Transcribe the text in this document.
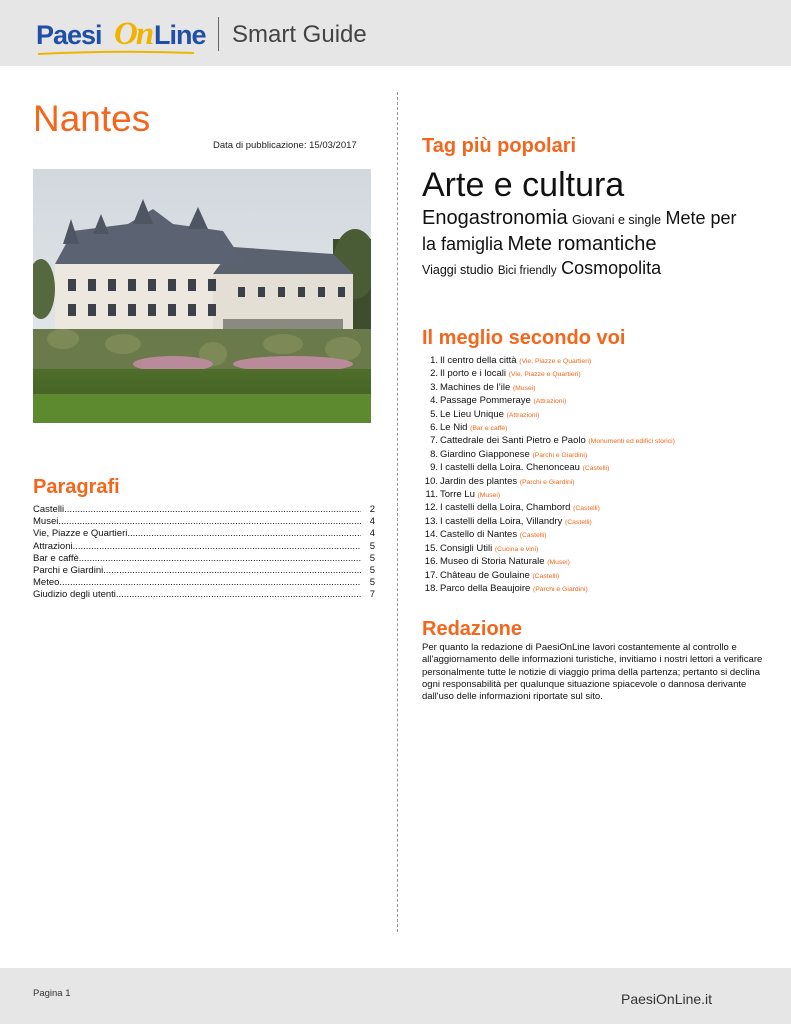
Paesi On Line Smart Guide
Nantes
Data di pubblicazione: 15/03/2017
Paragrafi
Castelli .....	2
Musei .....	4
Vie, Piazze e Quartieri .....	4
Attrazioni .....	5
Bar e caffè .....	5
Parchi e Giardini .....	5
Meteo .....	5
Giudizio degli utenti .....	7
Tag più popolari
Arte e cultura
Enogastronomia Giovani e single Mete per la famiglia Mete romantiche
Viaggi studio Bici friendly Cosmopolita
Il meglio secondo voi
1. Il centro della città (Vie, Piazze e Quartieri)
2. Il porto e i locali (Vie, Piazze e Quartieri)
3. Machines de l’ile (Musei)
4. Passage Pommeraye (Attrazioni)
5. Le Lieu Unique (Attrazioni)
6. Le Nid (Bar e caffè)
7. Cattedrale dei Santi Pietro e Paolo (Monumenti ed edifici storici)
8. Giardino Giapponese (Parchi e Giardini)
9. I castelli della Loira. Chenonceau (Castelli)
10. Jardin des plantes (Parchi e Giardini)
11. Torre Lu (Musei)
12. I castelli della Loira, Chambord (Castelli)
13. I castelli della Loira, Villandry (Castelli)
14. Castello di Nantes (Castelli)
15. Consigli Utili (Cucina e vini)
16. Museo di Storia Naturale (Musei)
17. Château de Goulaine (Castelli)
18. Parco della Beaujoire (Parchi e Giardini)
Redazione
Per quanto la redazione di PaesiOnLine lavori costantemente al controllo e all'aggiornamento delle informazioni turistiche, invitiamo i nostri lettori a verificare personalmente tutte le notizie di viaggio prima della partenza; pertanto si declina ogni responsabilità per qualunque situazione spiacevole o dannosa derivante dall'uso delle informazioni riportate sul sito.
Pagina 1	PaesiOnLine.it
